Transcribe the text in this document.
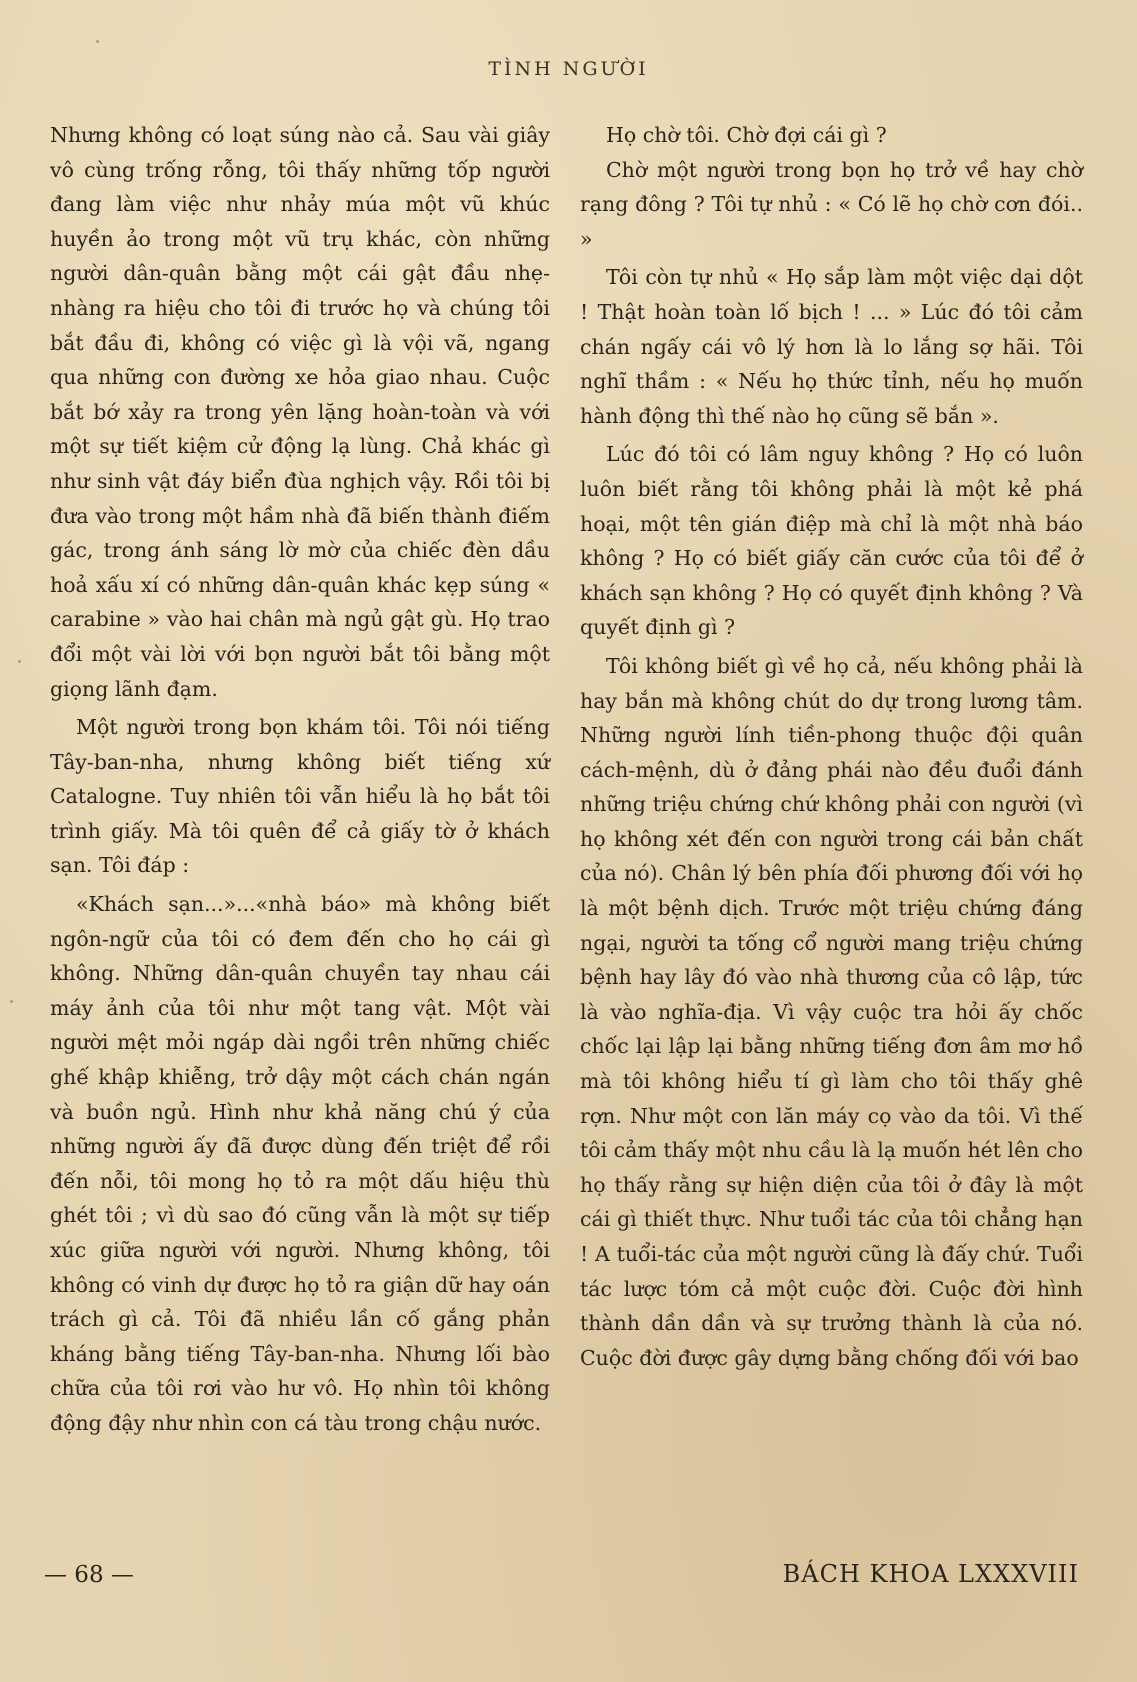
TÌNH NGƯỜI

Nhưng không có loạt súng nào cả. Sau vài giây vô cùng trống rỗng, tôi thấy những tốp người đang làm việc như nhảy múa một vũ khúc huyền ảo trong một vũ trụ khác, còn những người dân-quân bằng một cái gật đầu nhẹ-nhàng ra hiệu cho tôi đi trước họ và chúng tôi bắt đầu đi, không có việc gì là vội vã, ngang qua những con đường xe hỏa giao nhau. Cuộc bắt bớ xảy ra trong yên lặng hoàn-toàn và với một sự tiết kiệm cử động lạ lùng. Chả khác gì như sinh vật đáy biển đùa nghịch vậy. Rồi tôi bị đưa vào trong một hầm nhà đã biến thành điếm gác, trong ánh sáng lờ mờ của chiếc đèn dầu hoả xấu xí có những dân-quân khác kẹp súng « carabine » vào hai chân mà ngủ gật gù. Họ trao đổi một vài lời với bọn người bắt tôi bằng một giọng lãnh đạm.

Một người trong bọn khám tôi. Tôi nói tiếng Tây-ban-nha, nhưng không biết tiếng xứ Catalogne. Tuy nhiên tôi vẫn hiểu là họ bắt tôi trình giấy. Mà tôi quên để cả giấy tờ ở khách sạn. Tôi đáp :

«Khách sạn...»...«nhà báo» mà không biết ngôn-ngữ của tôi có đem đến cho họ cái gì không. Những dân-quân chuyền tay nhau cái máy ảnh của tôi như một tang vật. Một vài người mệt mỏi ngáp dài ngồi trên những chiếc ghế khập khiễng, trở dậy một cách chán ngán và buồn ngủ. Hình như khả năng chú ý của những người ấy đã được dùng đến triệt để rồi đến nỗi, tôi mong họ tỏ ra một dấu hiệu thù ghét tôi ; vì dù sao đó cũng vẫn là một sự tiếp xúc giữa người với người. Nhưng không, tôi không có vinh dự được họ tỏ ra giận dữ hay oán trách gì cả. Tôi đã nhiều lần cố gắng phản kháng bằng tiếng Tây-ban-nha. Nhưng lối bào chữa của tôi rơi vào hư vô. Họ nhìn tôi không động đậy như nhìn con cá tàu trong chậu nước.

Họ chờ tôi. Chờ đợi cái gì ?

Chờ một người trong bọn họ trở về hay chờ rạng đông ? Tôi tự nhủ : « Có lẽ họ chờ cơn đói.. »

Tôi còn tự nhủ « Họ sắp làm một việc dại dột ! Thật hoàn toàn lố bịch ! ... » Lúc đó tôi cảm chán ngấy cái vô lý hơn là lo lắng sợ hãi. Tôi nghĩ thầm : « Nếu họ thức tỉnh, nếu họ muốn hành động thì thế nào họ cũng sẽ bắn ».

Lúc đó tôi có lâm nguy không ? Họ có luôn luôn biết rằng tôi không phải là một kẻ phá hoại, một tên gián điệp mà chỉ là một nhà báo không ? Họ có biết giấy căn cước của tôi để ở khách sạn không ? Họ có quyết định không ? Và quyết định gì ?

Tôi không biết gì về họ cả, nếu không phải là hay bắn mà không chút do dự trong lương tâm. Những người lính tiền-phong thuộc đội quân cách-mệnh, dù ở đảng phái nào đều đuổi đánh những triệu chứng chứ không phải con người (vì họ không xét đến con người trong cái bản chất của nó). Chân lý bên phía đối phương đối với họ là một bệnh dịch. Trước một triệu chứng đáng ngại, người ta tống cổ người mang triệu chứng bệnh hay lây đó vào nhà thương của cô lập, tức là vào nghĩa-địa. Vì vậy cuộc tra hỏi ấy chốc chốc lại lập lại bằng những tiếng đơn âm mơ hồ mà tôi không hiểu tí gì làm cho tôi thấy ghê rợn. Như một con lăn máy cọ vào da tôi. Vì thế tôi cảm thấy một nhu cầu là lạ muốn hét lên cho họ thấy rằng sự hiện diện của tôi ở đây là một cái gì thiết thực. Như tuổi tác của tôi chẳng hạn ! A tuổi-tác của một người cũng là đấy chứ. Tuổi tác lược tóm cả một cuộc đời. Cuộc đời hình thành dần dần và sự trưởng thành là của nó. Cuộc đời được gây dựng bằng chống đối với bao

— 68 —	BÁCH KHOA LXXXVIII
